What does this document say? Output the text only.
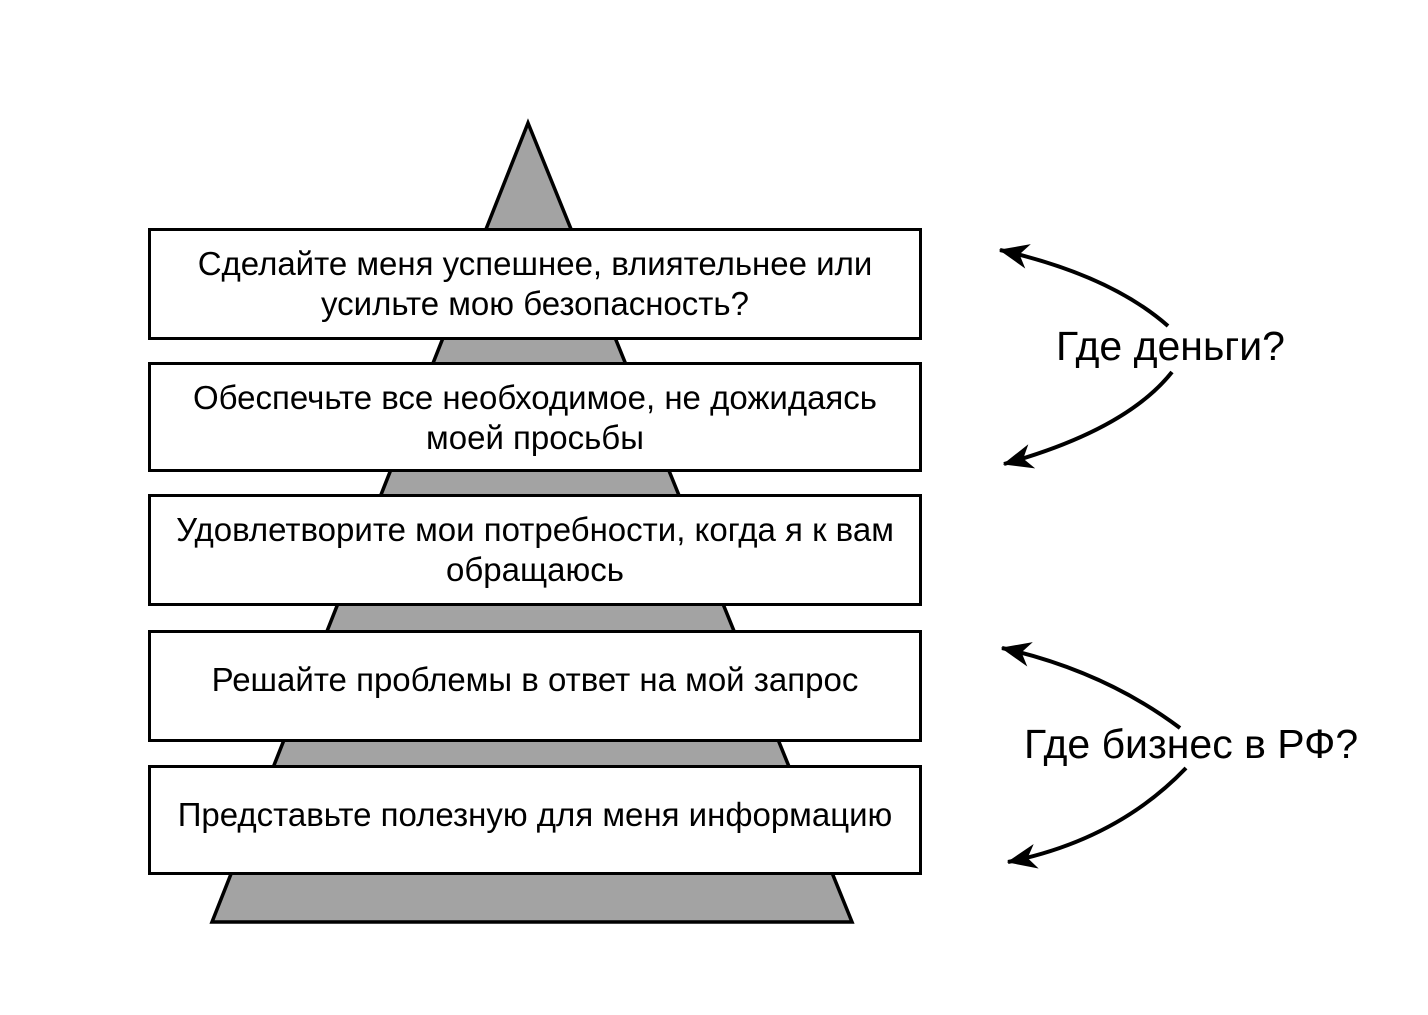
Сделайте меня успешнее, влиятельнее или
усильте мою безопасность?
Обеспечьте все необходимое, не дожидаясь
моей просьбы
Удовлетворите мои потребности, когда я к вам
обращаюсь
Решайте проблемы в ответ на мой запрос
Представьте полезную для меня информацию
Где деньги?
Где бизнес в РФ?
